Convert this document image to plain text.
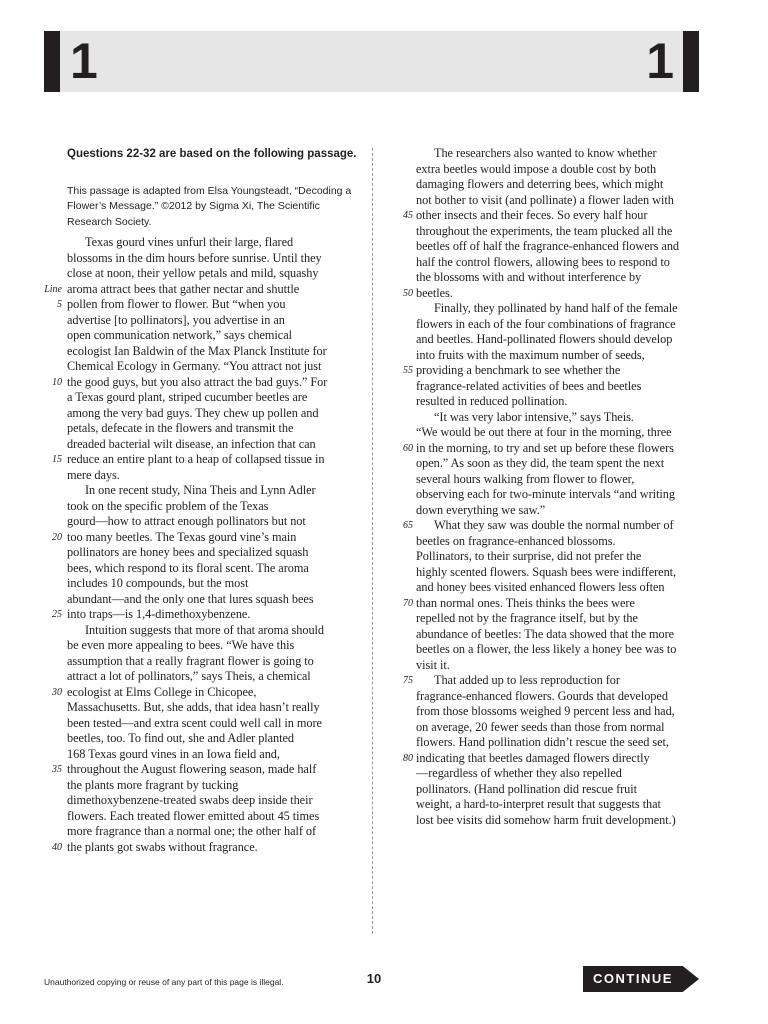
1	1
Questions 22-32 are based on the following passage.
This passage is adapted from Elsa Youngsteadt, “Decoding a
Flower’s Message.” ©2012 by Sigma Xi, The Scientific
Research Society.
Texas gourd vines unfurl their large, flared
blossoms in the dim hours before sunrise. Until they
close at noon, their yellow petals and mild, squashy
aroma attract bees that gather nectar and shuttle
pollen from flower to flower. But “when you
advertise [to pollinators], you advertise in an
open communication network,” says chemical
ecologist Ian Baldwin of the Max Planck Institute for
Chemical Ecology in Germany. “You attract not just
the good guys, but you also attract the bad guys.” For
a Texas gourd plant, striped cucumber beetles are
among the very bad guys. They chew up pollen and
petals, defecate in the flowers and transmit the
dreaded bacterial wilt disease, an infection that can
reduce an entire plant to a heap of collapsed tissue in
mere days.
In one recent study, Nina Theis and Lynn Adler
took on the specific problem of the Texas
gourd—how to attract enough pollinators but not
too many beetles. The Texas gourd vine’s main
pollinators are honey bees and specialized squash
bees, which respond to its floral scent. The aroma
includes 10 compounds, but the most
abundant—and the only one that lures squash bees
into traps—is 1,4-dimethoxybenzene.
Intuition suggests that more of that aroma should
be even more appealing to bees. “We have this
assumption that a really fragrant flower is going to
attract a lot of pollinators,” says Theis, a chemical
ecologist at Elms College in Chicopee,
Massachusetts. But, she adds, that idea hasn’t really
been tested—and extra scent could well call in more
beetles, too. To find out, she and Adler planted
168 Texas gourd vines in an Iowa field and,
throughout the August flowering season, made half
the plants more fragrant by tucking
dimethoxybenzene-treated swabs deep inside their
flowers. Each treated flower emitted about 45 times
more fragrance than a normal one; the other half of
the plants got swabs without fragrance.
The researchers also wanted to know whether
extra beetles would impose a double cost by both
damaging flowers and deterring bees, which might
not bother to visit (and pollinate) a flower laden with
other insects and their feces. So every half hour
throughout the experiments, the team plucked all the
beetles off of half the fragrance-enhanced flowers and
half the control flowers, allowing bees to respond to
the blossoms with and without interference by
beetles.
Finally, they pollinated by hand half of the female
flowers in each of the four combinations of fragrance
and beetles. Hand-pollinated flowers should develop
into fruits with the maximum number of seeds,
providing a benchmark to see whether the
fragrance-related activities of bees and beetles
resulted in reduced pollination.
“It was very labor intensive,” says Theis.
“We would be out there at four in the morning, three
in the morning, to try and set up before these flowers
open.” As soon as they did, the team spent the next
several hours walking from flower to flower,
observing each for two-minute intervals “and writing
down everything we saw.”
What they saw was double the normal number of
beetles on fragrance-enhanced blossoms.
Pollinators, to their surprise, did not prefer the
highly scented flowers. Squash bees were indifferent,
and honey bees visited enhanced flowers less often
than normal ones. Theis thinks the bees were
repelled not by the fragrance itself, but by the
abundance of beetles: The data showed that the more
beetles on a flower, the less likely a honey bee was to
visit it.
That added up to less reproduction for
fragrance-enhanced flowers. Gourds that developed
from those blossoms weighed 9 percent less and had,
on average, 20 fewer seeds than those from normal
flowers. Hand pollination didn’t rescue the seed set,
indicating that beetles damaged flowers directly
—regardless of whether they also repelled
pollinators. (Hand pollination did rescue fruit
weight, a hard-to-interpret result that suggests that
lost bee visits did somehow harm fruit development.)
5
10
15
20
25
30
35
40
Line
45
50
55
60
65
70
75
80
Unauthorized copying or reuse of any part of this page is illegal.	10	CONTINUE
